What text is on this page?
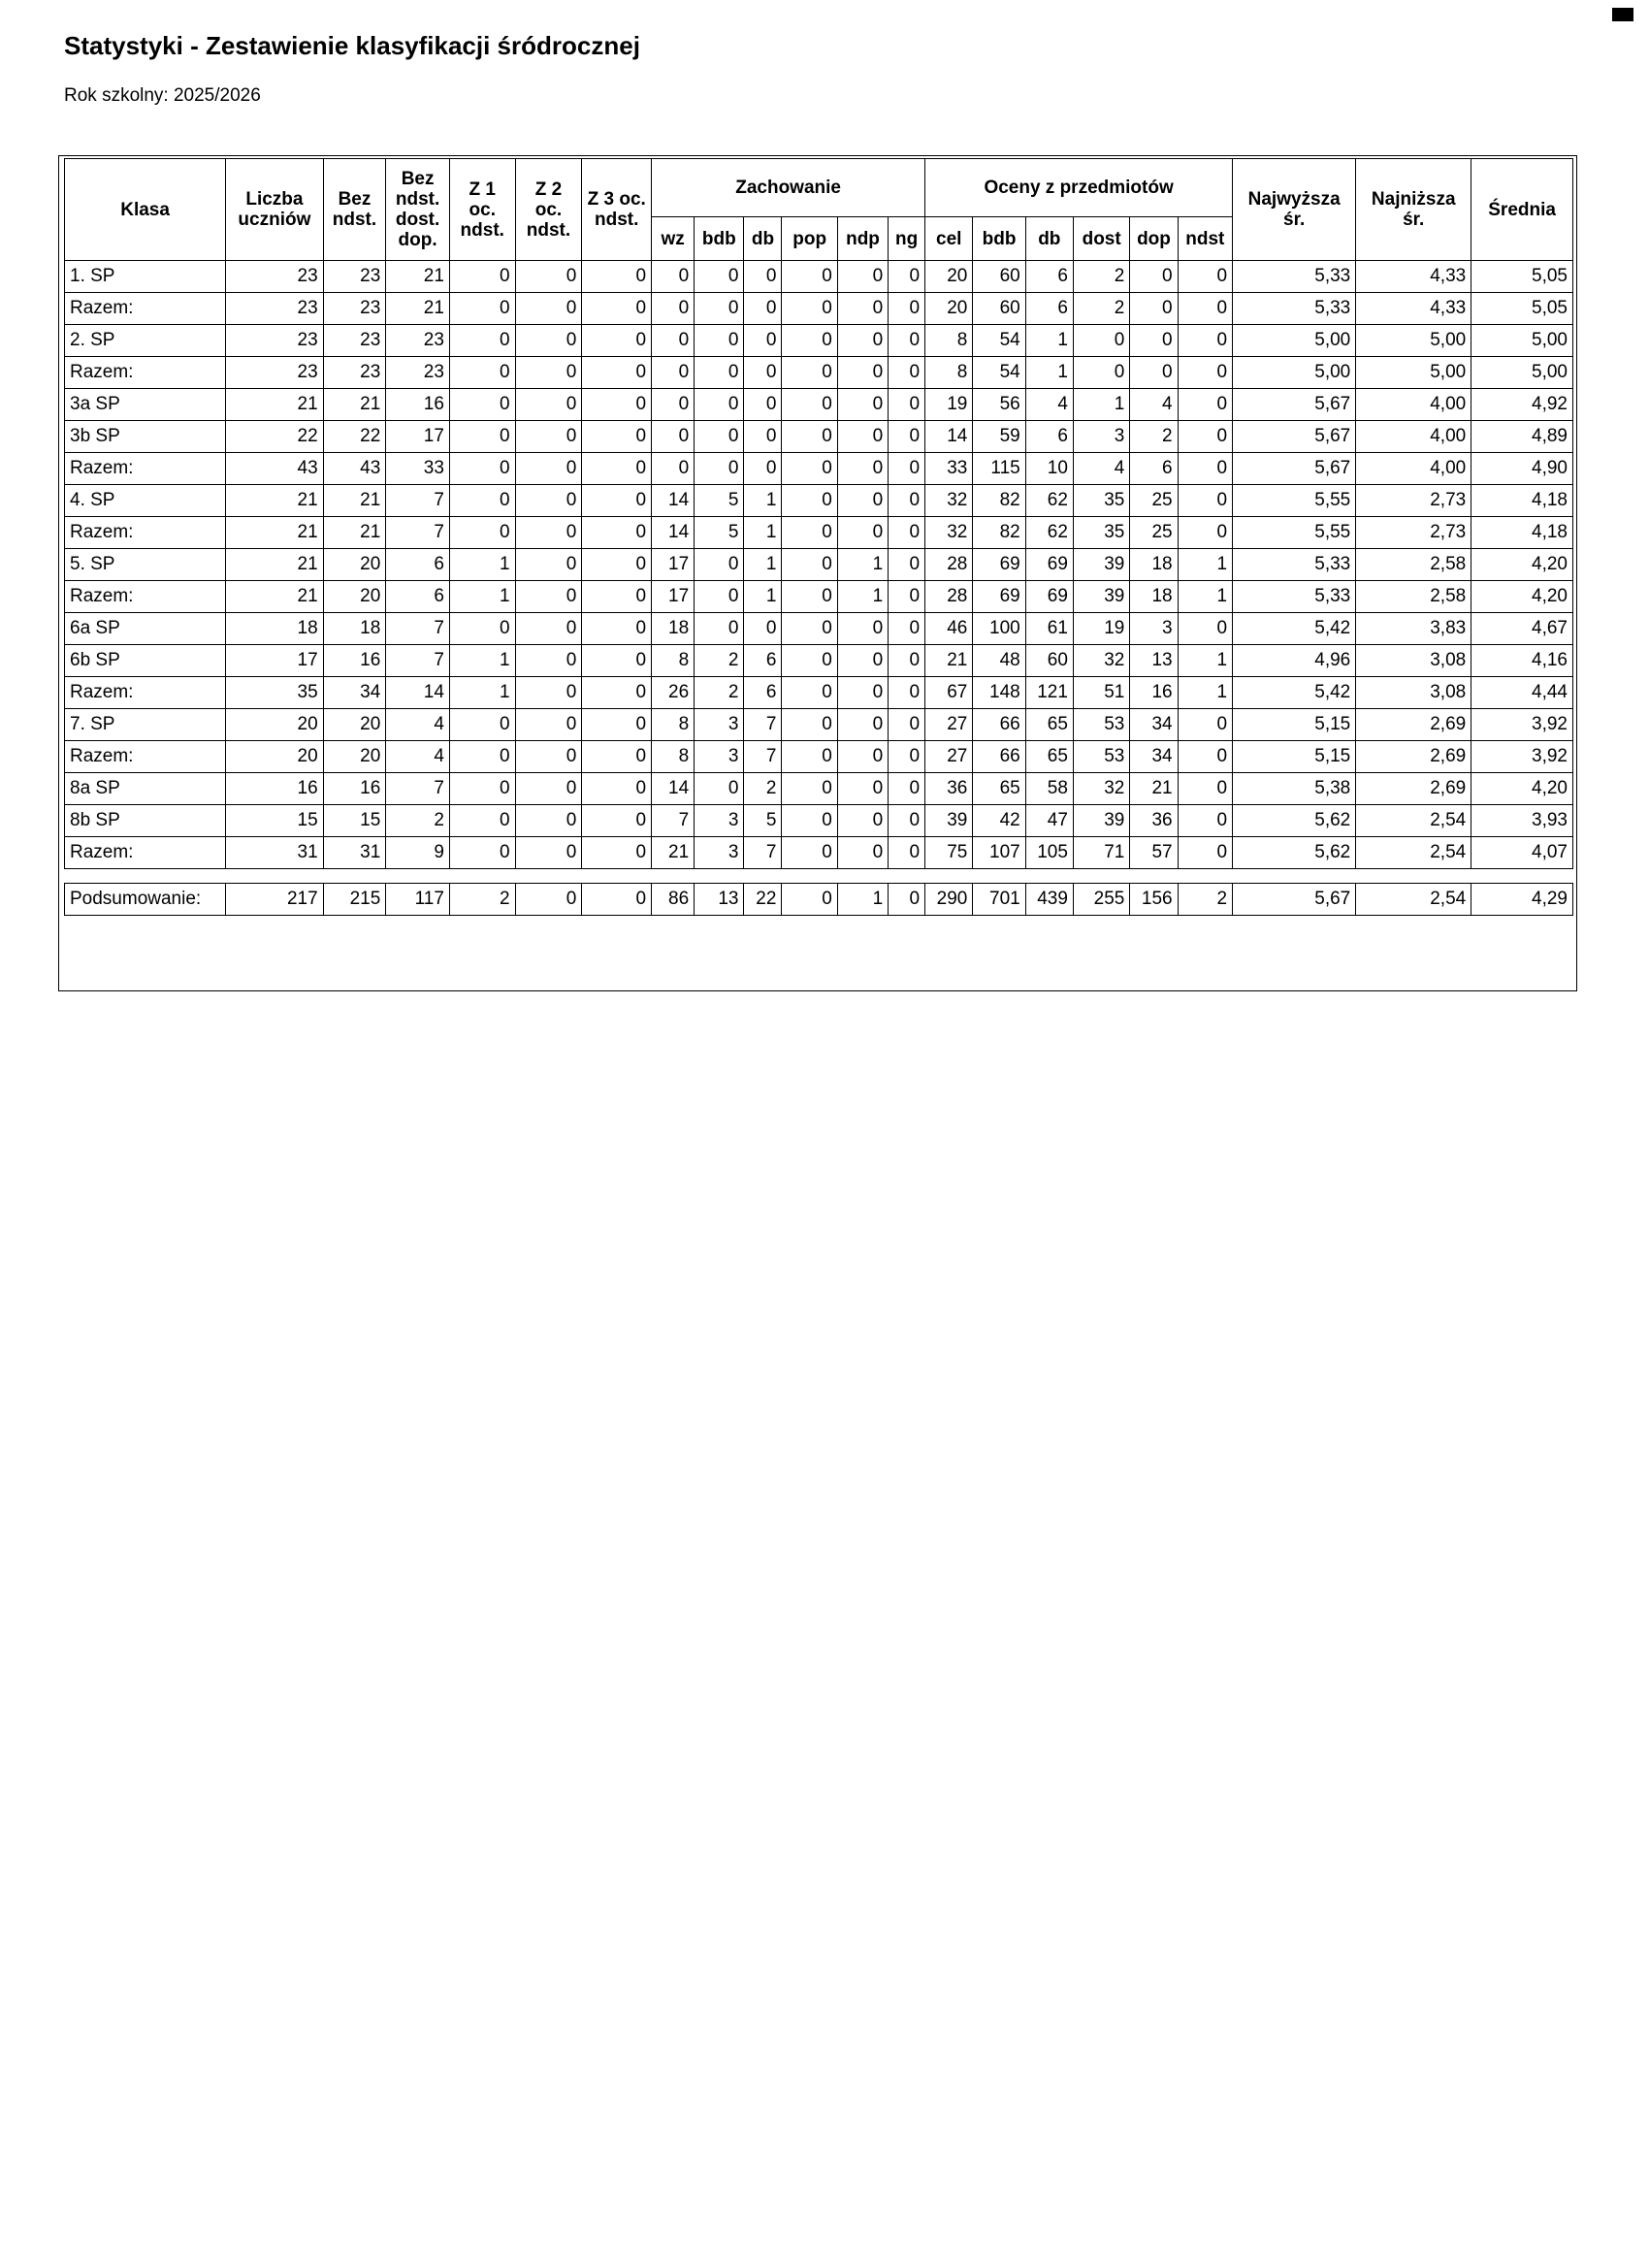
Statystyki - Zestawienie klasyfikacji śródrocznej
Rok szkolny: 2025/2026
Klasa	Liczba uczniów	Bez ndst.	Bez ndst. dost. dop.	Z 1 oc. ndst.	Z 2 oc. ndst.	Z 3 oc. ndst.	Zachowanie						Oceny z przedmiotów						Najwyższa śr.	Najniższa śr.	Średnia
							wz	bdb	db	pop	ndp	ng	cel	bdb	db	dost	dop	ndst			
1. SP	23	23	21	0	0	0	0	0	0	0	0	0	20	60	6	2	0	0	5,33	4,33	5,05
Razem:	23	23	21	0	0	0	0	0	0	0	0	0	20	60	6	2	0	0	5,33	4,33	5,05
2. SP	23	23	23	0	0	0	0	0	0	0	0	0	8	54	1	0	0	0	5,00	5,00	5,00
Razem:	23	23	23	0	0	0	0	0	0	0	0	0	8	54	1	0	0	0	5,00	5,00	5,00
3a SP	21	21	16	0	0	0	0	0	0	0	0	0	19	56	4	1	4	0	5,67	4,00	4,92
3b SP	22	22	17	0	0	0	0	0	0	0	0	0	14	59	6	3	2	0	5,67	4,00	4,89
Razem:	43	43	33	0	0	0	0	0	0	0	0	0	33	115	10	4	6	0	5,67	4,00	4,90
4. SP	21	21	7	0	0	0	14	5	1	0	0	0	32	82	62	35	25	0	5,55	2,73	4,18
Razem:	21	21	7	0	0	0	14	5	1	0	0	0	32	82	62	35	25	0	5,55	2,73	4,18
5. SP	21	20	6	1	0	0	17	0	1	0	1	0	28	69	69	39	18	1	5,33	2,58	4,20
Razem:	21	20	6	1	0	0	17	0	1	0	1	0	28	69	69	39	18	1	5,33	2,58	4,20
6a SP	18	18	7	0	0	0	18	0	0	0	0	0	46	100	61	19	3	0	5,42	3,83	4,67
6b SP	17	16	7	1	0	0	8	2	6	0	0	0	21	48	60	32	13	1	4,96	3,08	4,16
Razem:	35	34	14	1	0	0	26	2	6	0	0	0	67	148	121	51	16	1	5,42	3,08	4,44
7. SP	20	20	4	0	0	0	8	3	7	0	0	0	27	66	65	53	34	0	5,15	2,69	3,92
Razem:	20	20	4	0	0	0	8	3	7	0	0	0	27	66	65	53	34	0	5,15	2,69	3,92
8a SP	16	16	7	0	0	0	14	0	2	0	0	0	36	65	58	32	21	0	5,38	2,69	4,20
8b SP	15	15	2	0	0	0	7	3	5	0	0	0	39	42	47	39	36	0	5,62	2,54	3,93
Razem:	31	31	9	0	0	0	21	3	7	0	0	0	75	107	105	71	57	0	5,62	2,54	4,07

Podsumowanie:	217	215	117	2	0	0	86	13	22	0	1	0	290	701	439	255	156	2	5,67	2,54	4,29
